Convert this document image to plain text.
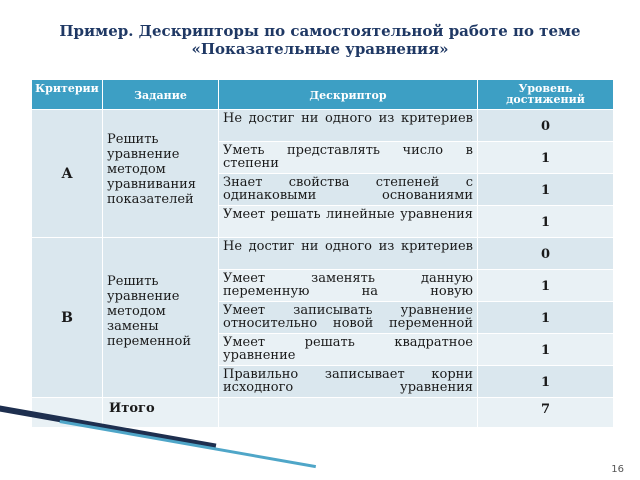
Пример. Дескрипторы по самостоятельной работе по теме «Показательные уравнения»
Критерии	Задание	Дескриптор	Уровень достижений
A	Решить уравнение методом уравнивания показателей	Не достиг ни одного из критериев	0
		Уметь представлять число в степени	1
		Знает свойства степеней с одинаковыми основаниями	1
		Умеет решать линейные уравнения	1
B	Решить уравнение методом замены переменной	Не достиг ни одного из критериев	0
		Умеет заменять данную переменную на новую	1
		Умеет записывать уравнение относительно новой переменной	1
		Умеет решать квадратное уравнение	1
		Правильно записывает корни исходного уравнения	1
	Итого		7
16
